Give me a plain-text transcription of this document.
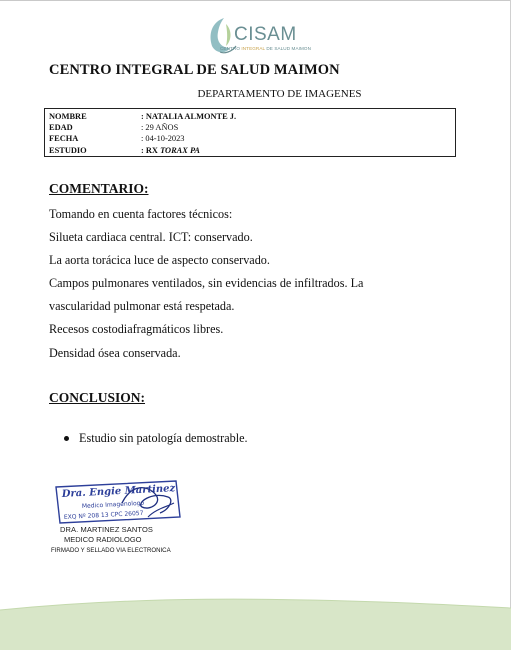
CISAM
CENTRO INTEGRAL DE SALUD MAIMON
CENTRO INTEGRAL DE SALUD MAIMON
DEPARTAMENTO DE IMAGENES
NOMBRE	: NATALIA ALMONTE J.
EDAD	: 29 AÑOS
FECHA	: 04-10-2023
ESTUDIO	: RX TORAX PA
COMENTARIO:
Tomando en cuenta factores técnicos:
Silueta cardiaca central. ICT: conservado.
La aorta torácica luce de aspecto conservado.
Campos pulmonares ventilados, sin evidencias de infiltrados. La
vascularidad pulmonar está respetada.
Recesos costodiafragmáticos libres.
Densidad ósea conservada.
CONCLUSION:
Estudio sin patología demostrable.
Dra. Engie Martinez
Medico Imagenologo
EXQ Nº 208 13 CPC 26057
DRA. MARTINEZ SANTOS
MEDICO RADIOLOGO
FIRMADO Y SELLADO VIA ELECTRONICA
